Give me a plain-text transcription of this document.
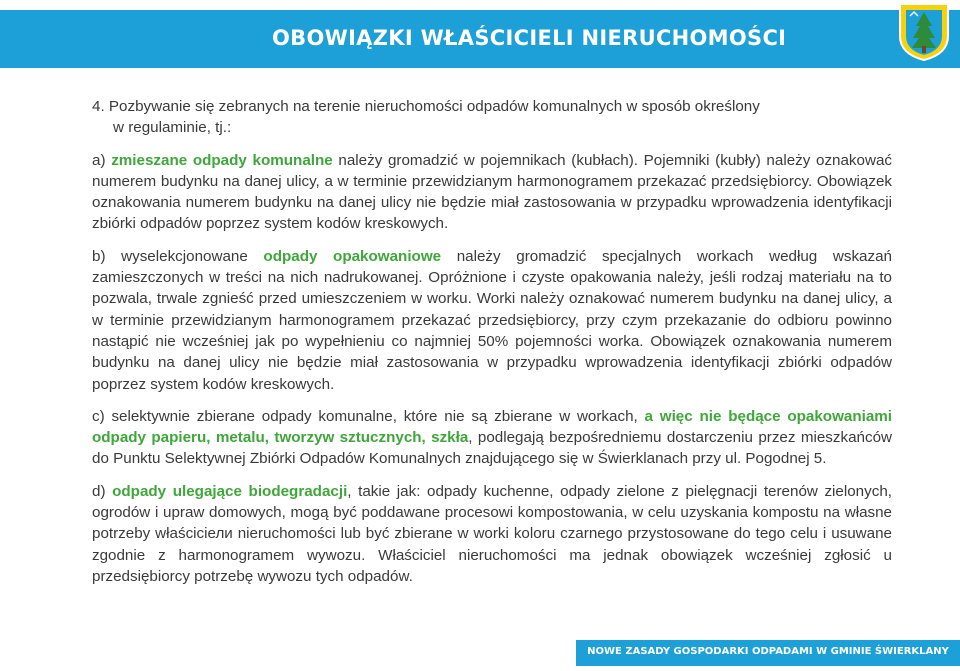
OBOWIĄZKI WŁAŚCICIELI NIERUCHOMOŚCI
4. Pozbywanie się zebranych na terenie nieruchomości odpadów komunalnych w sposób określony
w regulaminie, tj.:
a) zmieszane odpady komunalne należy gromadzić w pojemnikach (kubłach). Pojemniki (kubły) należy oznakować numerem budynku na danej ulicy, a w terminie przewidzianym harmonogramem przekazać przedsiębiorcy. Obowiązek oznakowania numerem budynku na danej ulicy nie będzie miał zastosowania w przypadku wprowadzenia identyfikacji zbiórki odpadów poprzez system kodów kreskowych.
b) wyselekcjonowane odpady opakowaniowe należy gromadzić specjalnych workach według wskazań zamieszczonych w treści na nich nadrukowanej. Opróżnione i czyste opakowania należy, jeśli rodzaj materiału na to pozwala, trwale zgnieść przed umieszczeniem w worku. Worki należy oznakować numerem budynku na danej ulicy, a w terminie przewidzianym harmonogramem przekazać przedsiębiorcy, przy czym przekazanie do odbioru powinno nastąpić nie wcześniej jak po wypełnieniu co najmniej 50% pojemności worka. Obowiązek oznakowania numerem budynku na danej ulicy nie będzie miał zastosowania w przypadku wprowadzenia identyfikacji zbiórki odpadów poprzez system kodów kreskowych.
c) selektywnie zbierane odpady komunalne, które nie są zbierane w workach, a więc nie będące opakowaniami odpady papieru, metalu, tworzyw sztucznych, szkła, podlegają bezpośredniemu dostarczeniu przez mieszkańców do Punktu Selektywnej Zbiórki Odpadów Komunalnych znajdującego się w Świerklanach przy ul. Pogodnej 5.
d) odpady ulegające biodegradacji, takie jak: odpady kuchenne, odpady zielone z pielęgnacji terenów zielonych, ogrodów i upraw domowych, mogą być poddawane procesowi kompostowania, w celu uzyskania kompostu na własne potrzeby właściciели nieruchomości lub być zbierane w worki koloru czarnego przystosowane do tego celu i usuwane zgodnie z harmonogramem wywozu. Właściciel nieruchomości ma jednak obowiązek wcześniej zgłosić u przedsiębiorcy potrzebę wywozu tych odpadów.
NOWE ZASADY GOSPODARKI ODPADAMI W GMINIE ŚWIERKLANY
